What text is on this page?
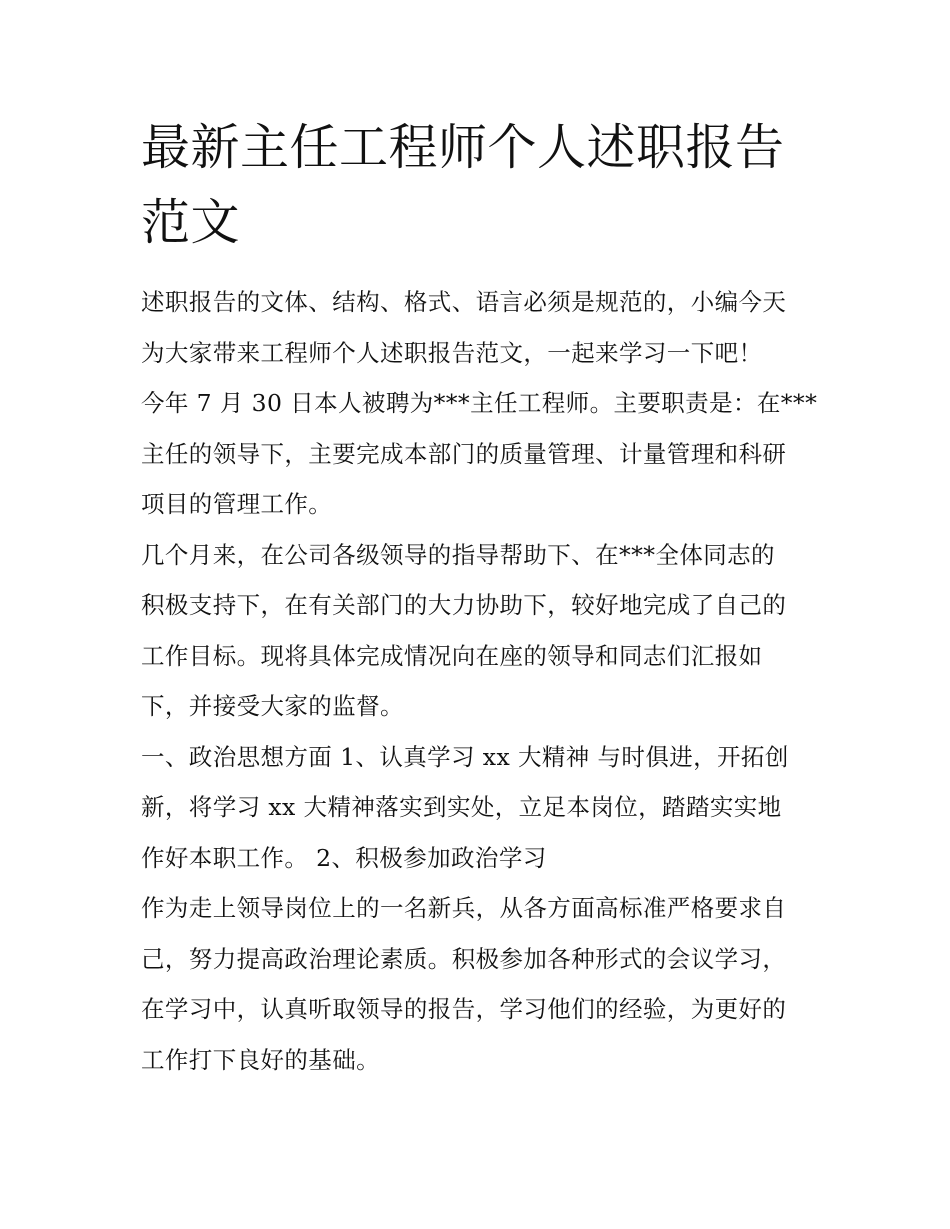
最新主任工程师个人述职报告
范文
述职报告的文体、结构、格式、语言必须是规范的，小编今天
为大家带来工程师个人述职报告范文，一起来学习一下吧！
今年 7 月 30 日本人被聘为***主任工程师。主要职责是：在***
主任的领导下，主要完成本部门的质量管理、计量管理和科研
项目的管理工作。
几个月来，在公司各级领导的指导帮助下、在***全体同志的
积极支持下，在有关部门的大力协助下，较好地完成了自己的
工作目标。现将具体完成情况向在座的领导和同志们汇报如
下，并接受大家的监督。
一、政治思想方面 1、认真学习 xx 大精神 与时俱进，开拓创
新，将学习 xx 大精神落实到实处，立足本岗位，踏踏实实地
作好本职工作。 2、积极参加政治学习
作为走上领导岗位上的一名新兵，从各方面高标准严格要求自
己，努力提高政治理论素质。积极参加各种形式的会议学习，
在学习中，认真听取领导的报告，学习他们的经验，为更好的
工作打下良好的基础。
